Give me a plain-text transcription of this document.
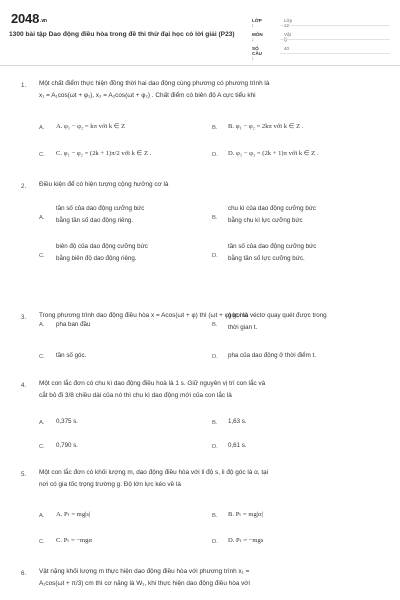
$2048_{.vn}$
1300 bài tập Dao động điều hòa trong đề thi thử đại học có lời giải (P23)
LỚP :
Lớp
MÔN :
Vật
SỐ CÂU :
40
1. Một chất điểm thực hiện đồng thời hai dao động cùng phương có phương trình là
x₁ = A₁cos(ωt + φ₁), x₂ = A₂cos(ωt + φ₂) . Chất điểm có biên độ A cực tiểu khi
A. A. φ₁ − φ₂ = kπ với k ∈ Z	B. B. φ₁ − φ₂ = 2kπ với k ∈ Z .
C. C. φ₁ − φ₂ = (2k + 1)π/2 với k ∈ Z .	D. D. φ₁ − φ₂ = (2k + 1)π với k ∈ Z .
2. Điều kiện để có hiện tượng cộng hưởng cơ là
A.
tần số của dao động cưỡng bức
bằng tần số dao động riêng.	B.
chu kì của dao động cưỡng bức
bằng chu kì lực cưỡng bức
C.
biên độ của dao động cưỡng bức
bằng biên độ dao động riêng.	D.
tần số của dao động cưỡng bức
bằng tần số lực cưỡng bức.
3. Trong phương trình dao động điều hòa x = Acos(ωt + φ) thì (ωt + φ) gọi là
A. pha ban đầu	B.
góc mà véctơ quay quét được trong
thời gian t.
C. tần số góc.	D. pha của dao động ở thời điểm t.
4. Một con lắc đơn có chu kì dao động điều hoà là 1 s. Giữ nguyên vị trí con lắc và
cắt bỏ đi 3/8 chiều dài của nó thì chu kì dao động mới của con lắc là
A. 0,375 s.	B. 1,63 s.
C. 0,790 s.	D. 0,61 s.
5. Một con lắc đơn có khối lượng m, dao động điều hòa với li độ s, li độ góc là α, tại
nơi có gia tốc trọng trường g. Độ lớn lực kéo về là
A. A. Pₜ = mg|s|	B. B. Pₜ = mg|α|
C. C. Pₜ = −mgα	D. D. Pₜ = −mgs
6. Vật nặng khối lượng m thực hiện dao động điều hòa với phương trình x₁ =
A₁cos(ωt + π/3) cm thì cơ năng là W₁, khi thực hiện dao động điều hòa với
